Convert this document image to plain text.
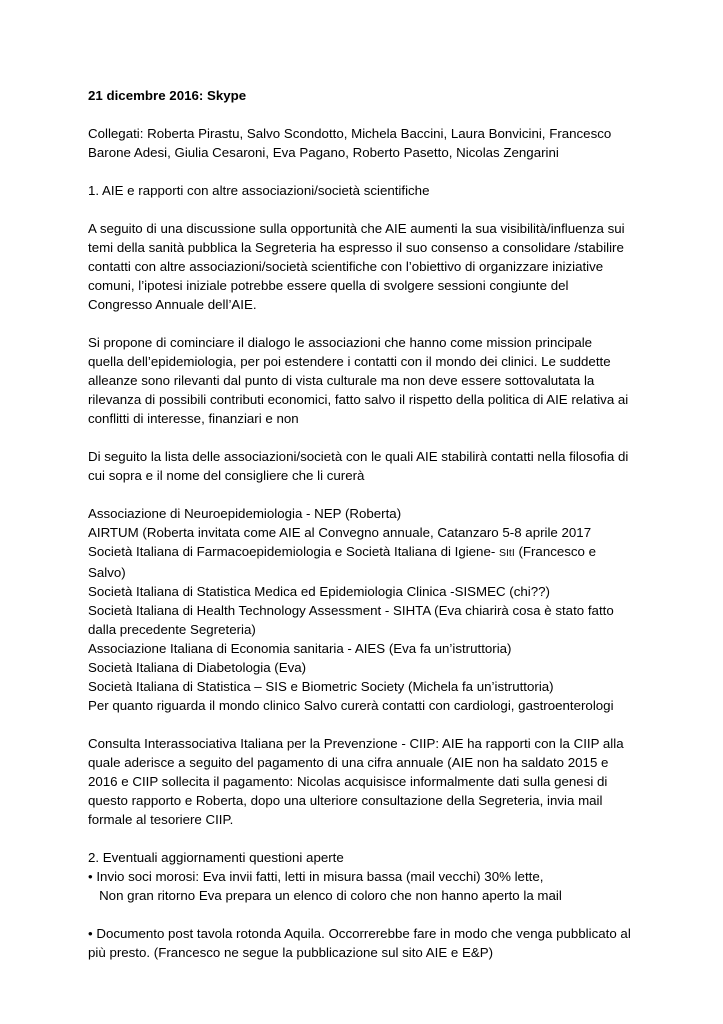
21 dicembre 2016: Skype
Collegati: Roberta Pirastu, Salvo Scondotto, Michela Baccini, Laura Bonvicini, Francesco
Barone Adesi, Giulia Cesaroni, Eva Pagano, Roberto Pasetto, Nicolas Zengarini
1. AIE e rapporti con altre associazioni/società scientifiche
A seguito di una discussione sulla opportunità che AIE aumenti la sua visibilità/influenza sui
temi della sanità pubblica la Segreteria ha espresso il suo consenso a consolidare /stabilire
contatti con altre associazioni/società scientifiche con l’obiettivo di organizzare iniziative
comuni, l’ipotesi iniziale potrebbe essere quella di svolgere sessioni congiunte del
Congresso Annuale dell’AIE.
Si propone di cominciare il dialogo le associazioni che hanno come mission principale
quella dell’epidemiologia, per poi estendere i contatti con il mondo dei clinici. Le suddette
alleanze sono rilevanti dal punto di vista culturale ma non deve essere sottovalutata la
rilevanza di possibili contributi economici, fatto salvo il rispetto della politica di AIE relativa ai
conflitti di interesse, finanziari e non
Di seguito la lista delle associazioni/società con le quali AIE stabilirà contatti nella filosofia di
cui sopra e il nome del consigliere che li curerà
Associazione di Neuroepidemiologia - NEP (Roberta)
AIRTUM (Roberta invitata come AIE al Convegno annuale, Catanzaro 5-8 aprile 2017
Società Italiana di Farmacoepidemiologia e Società Italiana di Igiene- SItI (Francesco e
Salvo)
Società Italiana di Statistica Medica ed Epidemiologia Clinica -SISMEC (chi??)
Società Italiana di Health Technology Assessment - SIHTA (Eva chiarirà cosa è stato fatto
dalla precedente Segreteria)
Associazione Italiana di Economia sanitaria - AIES (Eva fa un’istruttoria)
Società Italiana di Diabetologia (Eva)
Società Italiana di Statistica – SIS e Biometric Society (Michela fa un’istruttoria)
Per quanto riguarda il mondo clinico Salvo curerà contatti con cardiologi, gastroenterologi
Consulta Interassociativa Italiana per la Prevenzione - CIIP: AIE ha rapporti con la CIIP alla
quale aderisce a seguito del pagamento di una cifra annuale (AIE non ha saldato 2015 e
2016 e CIIP sollecita il pagamento: Nicolas acquisisce informalmente dati sulla genesi di
questo rapporto e Roberta, dopo una ulteriore consultazione della Segreteria, invia mail
formale al tesoriere CIIP.
2. Eventuali aggiornamenti questioni aperte
• Invio soci morosi: Eva invii fatti, letti in misura bassa (mail vecchi) 30% lette,
Non gran ritorno Eva prepara un elenco di coloro che non hanno aperto la mail
• Documento post tavola rotonda Aquila. Occorrerebbe fare in modo che venga pubblicato al
più presto. (Francesco ne segue la pubblicazione sul sito AIE e E&P)
